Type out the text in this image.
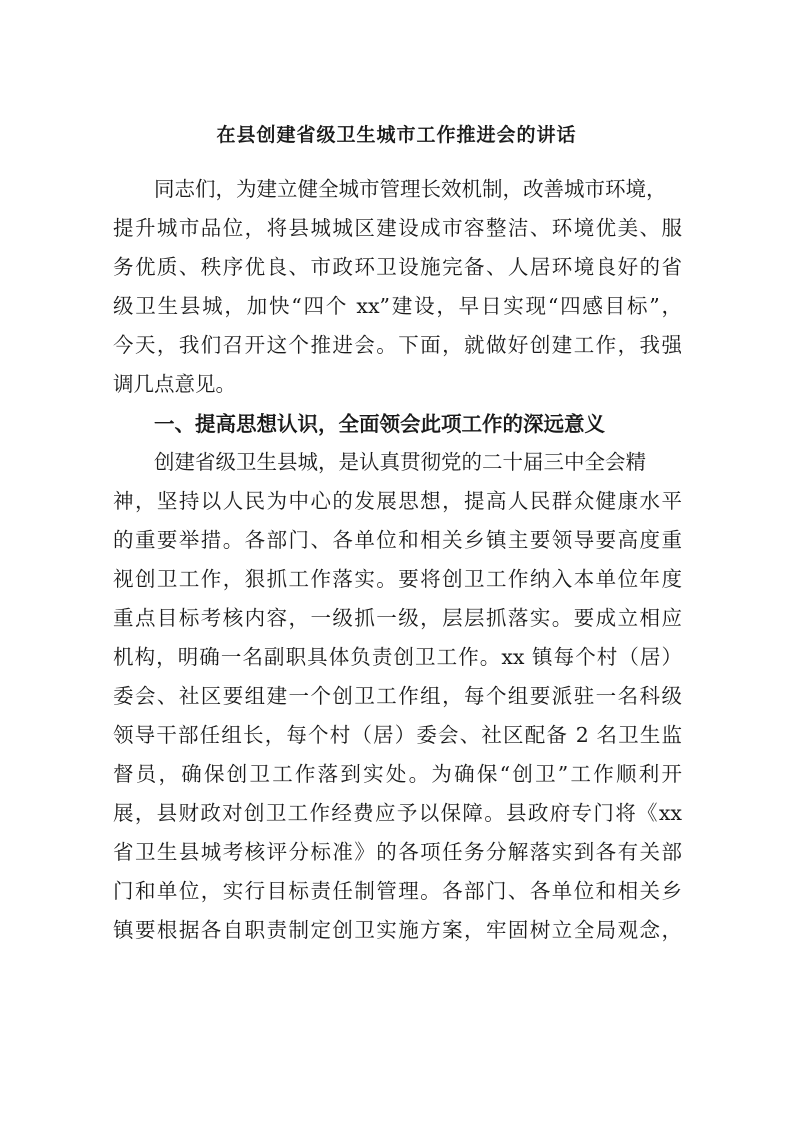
在县创建省级卫生城市工作推进会的讲话
同志们，为建立健全城市管理长效机制，改善城市环境，
提升城市品位，将县城城区建设成市容整洁、环境优美、服
务优质、秩序优良、市政环卫设施完备、人居环境良好的省
级卫生县城，加快“四个 xx”建设，早日实现“四感目标”，
今天，我们召开这个推进会。下面，就做好创建工作，我强
调几点意见。
一、提高思想认识，全面领会此项工作的深远意义
创建省级卫生县城，是认真贯彻党的二十届三中全会精
神，坚持以人民为中心的发展思想，提高人民群众健康水平
的重要举措。各部门、各单位和相关乡镇主要领导要高度重
视创卫工作，狠抓工作落实。要将创卫工作纳入本单位年度
重点目标考核内容，一级抓一级，层层抓落实。要成立相应
机构，明确一名副职具体负责创卫工作。xx 镇每个村（居）
委会、社区要组建一个创卫工作组，每个组要派驻一名科级
领导干部任组长，每个村（居）委会、社区配备 2 名卫生监
督员，确保创卫工作落到实处。为确保“创卫”工作顺利开
展，县财政对创卫工作经费应予以保障。县政府专门将《xx
省卫生县城考核评分标准》的各项任务分解落实到各有关部
门和单位，实行目标责任制管理。各部门、各单位和相关乡
镇要根据各自职责制定创卫实施方案，牢固树立全局观念，
